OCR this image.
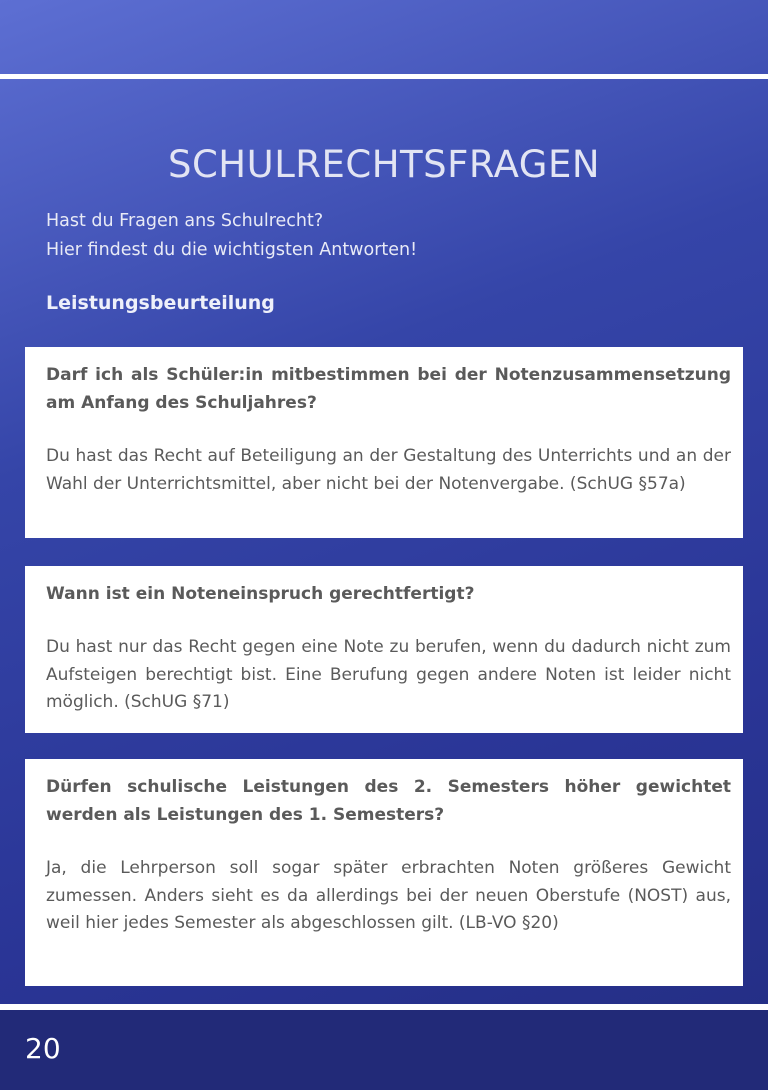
SCHULRECHTSFRAGEN
Hast du Fragen ans Schulrecht?
Hier findest du die wichtigsten Antworten!
Leistungsbeurteilung
Darf ich als Schüler:in mitbestimmen bei der Notenzusammensetzung am Anfang des Schuljahres?
Du hast das Recht auf Beteiligung an der Gestaltung des Unterrichts und an der Wahl der Unterrichtsmittel, aber nicht bei der Notenvergabe. (SchUG §57a)
Wann ist ein Noteneinspruch gerechtfertigt?
Du hast nur das Recht gegen eine Note zu berufen, wenn du dadurch nicht zum Aufsteigen berechtigt bist. Eine Berufung gegen andere Noten ist leider nicht möglich. (SchUG §71)
Dürfen schulische Leistungen des 2. Semesters höher gewichtet werden als Leistungen des 1. Semesters?
Ja, die Lehrperson soll sogar später erbrachten Noten größeres Gewicht zumessen. Anders sieht es da allerdings bei der neuen Oberstufe (NOST) aus, weil hier jedes Semester als abgeschlossen gilt. (LB-VO §20)
20
